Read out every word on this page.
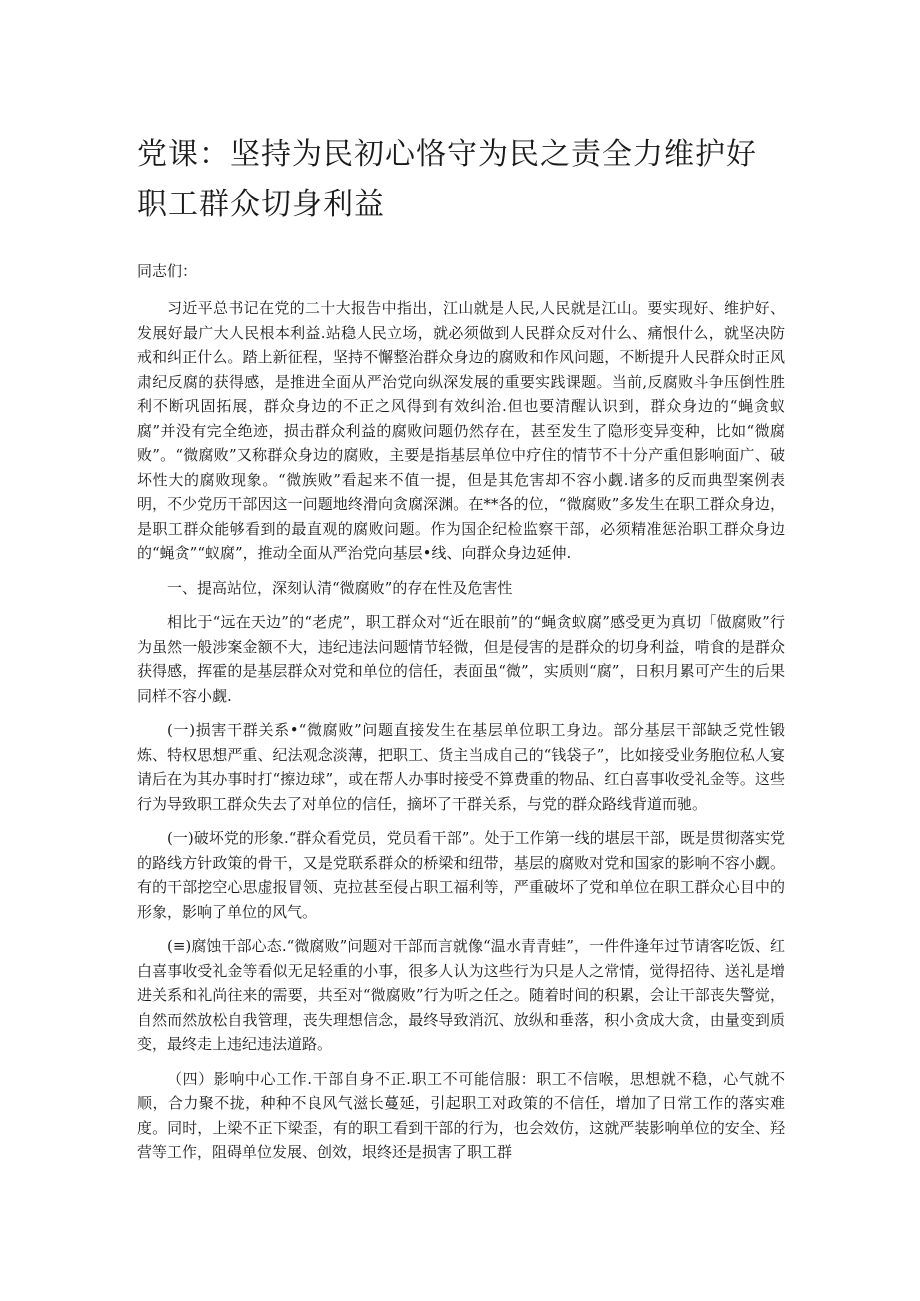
党课：坚持为民初心恪守为民之责全力维护好职工群众切身利益

同志们：

习近平总书记在党的二十大报告中指出，江山就是人民,人民就是江山。要实现好、维护好、发展好最广大人民根本利益.站稳人民立场，就必须做到人民群众反对什么、痛恨什么，就坚决防戒和纠正什么。踏上新征程，坚持不懈整治群众身边的腐败和作风问题，不断提升人民群众时正风肃纪反腐的获得感，是推进全面从严治党向纵深发展的重要实践课题。当前,反腐败斗争压倒性胜利不断巩固拓展，群众身边的不正之风得到有效纠治.但也要清醒认识到，群众身边的“蝇贪蚁腐”并没有完全绝迹，损击群众利益的腐败问题仍然存在，甚至发生了隐形变异变种，比如“微腐败”。“微腐败”又称群众身边的腐败，主要是指基层单位中疗住的情节不十分产重但影响面广、破坏性大的腐败现象。“微族败”看起来不值一提，但是其危害却不容小觑.诸多的反而典型案例表明，不少党历干部因这一问题地终滑向贪腐深渊。在**各的位，“微腐败”多发生在职工群众身边，是职工群众能够看到的最直观的腐败问题。作为国企纪检监察干部，必须精准惩治职工群众身边的“蝇贪”“蚁腐”，推动全面从严治党向基层•线、向群众身边延伸.

一、提高站位，深刻认清“微腐败”的存在性及危害性

相比于“远在天边”的“老虎”，职工群众对“近在眼前”的“蝇贪蚁腐”感受更为真切「做腐败”行为虽然一般涉案金额不大，违纪违法问题情节轻微，但是侵害的是群众的切身利益，啃食的是群众获得感，挥霍的是基层群众对党和单位的信任，表面虽“微”，实质则“腐”，日积月累可产生的后果同样不容小觑.

(一)损害干群关系•“微腐败”问题直接发生在基层单位职工身边。部分基层干部缺乏党性锻炼、特权思想严重、纪法观念淡薄，把职工、货主当成自己的“钱袋子”，比如接受业务胞位私人宴请后在为其办事时打“擦边球”，或在帮人办事时接受不算费重的物品、红白喜事收受礼金等。这些行为导致职工群众失去了对单位的信任，摘坏了干群关系，与党的群众路线背道而驰。

(一)破坏党的形象.“群众看党员，党员看干部”。处于工作第一线的堪层干部，既是贯彻落实党的路线方针政策的骨干，又是党联系群众的桥梁和纽带，基层的腐败对党和国家的影响不容小觑。有的干部挖空心思虚报冒领、克拉甚至侵占职工福利等，严重破坏了党和单位在职工群众心目中的形象，影响了单位的风气。

(≡)腐蚀干部心态.“微腐败”问题对干部而言就像“温水青青蛙”，一件件逢年过节请客吃饭、红白喜事收受礼金等看似无足轻重的小事，很多人认为这些行为只是人之常情，觉得招待、送礼是增进关系和礼尚往来的需要，共至对“微腐败”行为听之任之。随着时间的积累，会让干部丧失警觉，自然而然放松自我管理，丧失理想信念，最终导致消沉、放纵和垂落，积小贪成大贪，由量变到质变，最终走上违纪违法道路。

（四）影响中心工作.干部自身不正.职工不可能信服：职工不信喉，思想就不稳，心气就不顺，合力聚不拢，种种不良风气滋长蔓延，引起职工对政策的不信任，增加了日常工作的落实难度。同时，上梁不正下梁歪，有的职工看到干部的行为，也会效仿，这就严装影响单位的安全、羟营等工作，阻碍单位发展、创效，垠终还是损害了职工群
